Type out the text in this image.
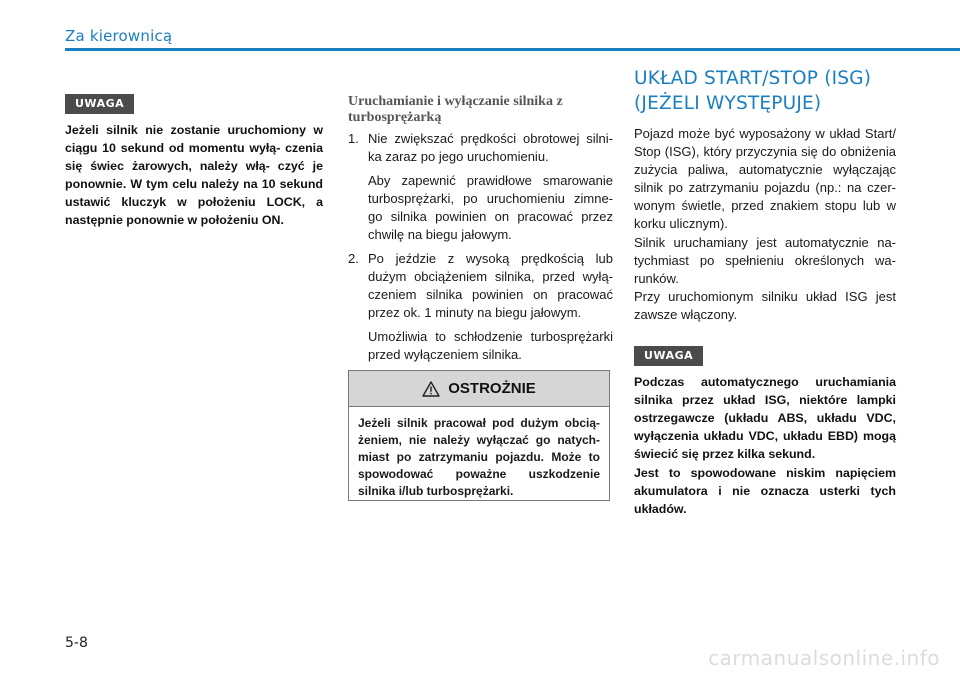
Za kierownicą
UWAGA

Jeżeli silnik nie zostanie uruchomiony w ciągu 10 sekund od momentu wyłą- czenia się świec żarowych, należy włą- czyć je ponownie. W tym celu należy na 10 sekund ustawić kluczyk w położeniu LOCK, a następnie ponownie w położeniu ON.

Uruchamianie i wyłączanie silnika z turbosprężarką
1. Nie zwiększać prędkości obrotowej silni- ka zaraz po jego uruchomieniu.

Aby zapewnić prawidłowe smarowanie turbosprężarki, po uruchomieniu zimne- go silnika powinien on pracować przez chwilę na biegu jałowym.

2. Po jeździe z wysoką prędkością lub dużym obciążeniem silnika, przed wyłą- czeniem silnika powinien on pracować przez ok. 1 minuty na biegu jałowym.

Umożliwia to schłodzenie turbosprężarki przed wyłączeniem silnika.

OSTROŻNIE

Jeżeli silnik pracował pod dużym obcią- żeniem, nie należy wyłączać go natych- miast po zatrzymaniu pojazdu. Może to spowodować poważne uszkodzenie silnika i/lub turbosprężarki.

UKŁAD START/STOP (ISG)
(JEŻELI WYSTĘPUJE)

Pojazd może być wyposażony w układ Start/ Stop (ISG), który przyczynia się do obniżenia zużycia paliwa, automatycznie wyłączając silnik po zatrzymaniu pojazdu (np.: na czer- wonym świetle, przed znakiem stopu lub w korku ulicznym).

Silnik uruchamiany jest automatycznie na- tychmiast po spełnieniu określonych wa- runków.

Przy uruchomionym silniku układ ISG jest zawsze włączony.

UWAGA

Podczas automatycznego uruchamiania silnika przez układ ISG, niektóre lampki ostrzegawcze (układu ABS, układu VDC, wyłączenia układu VDC, układu EBD) mogą świecić się przez kilka sekund.

Jest to spowodowane niskim napięciem akumulatora i nie oznacza usterki tych układów.

5-8
carmanualsonline.info
